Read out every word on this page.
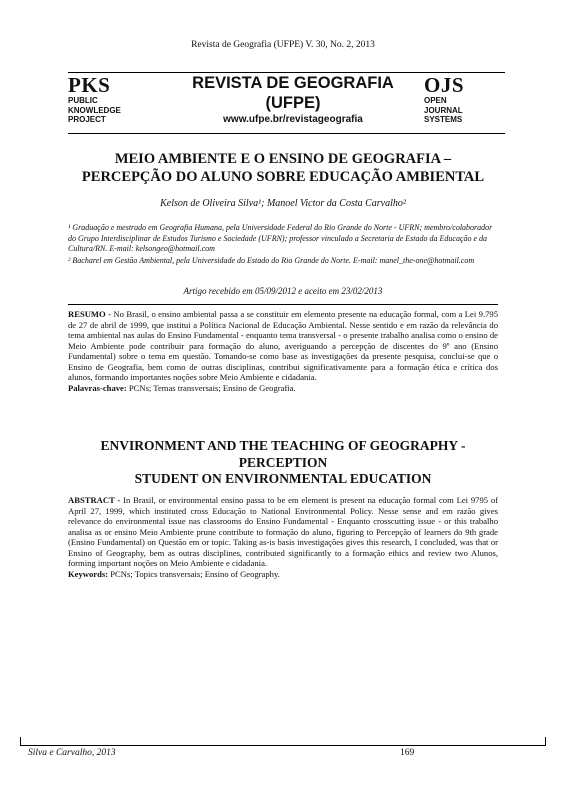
Revista de Geografia (UFPE) V. 30, No. 2, 2013
PKS
PUBLIC
KNOWLEDGE
PROJECT
REVISTA DE GEOGRAFIA
(UFPE)
www.ufpe.br/revistageografia
OJS
OPEN
JOURNAL
SYSTEMS
MEIO AMBIENTE E O ENSINO DE GEOGRAFIA –
PERCEPÇÃO DO ALUNO SOBRE EDUCAÇÃO AMBIENTAL
Kelson de Oliveira Silva¹; Manoel Victor da Costa Carvalho²
¹ Graduação e mestrado em Geografia Humana, pela Universidade Federal do Rio Grande do Norte - UFRN; membro/colaborador do Grupo Interdisciplinar de Estudos Turismo e Sociedade (UFRN); professor vinculado a Secretaria de Estado da Educação e da Cultura/RN. E-mail: kelsongeo@hotmail.com
² Bacharel em Gestão Ambiental, pela Universidade do Estado do Rio Grande do Norte. E-mail: manel_the-one@hotmail.com
Artigo recebido em 05/09/2012 e aceito em 23/02/2013
RESUMO - No Brasil, o ensino ambiental passa a se constituir em elemento presente na educação formal, com a Lei 9.795 de 27 de abril de 1999, que institui a Política Nacional de Educação Ambiental. Nesse sentido e em razão da relevância do tema ambiental nas aulas do Ensino Fundamental - enquanto tema transversal - o presente trabalho analisa como o ensino de Meio Ambiente pode contribuir para formação do aluno, averiguando a percepção de discentes do 9º ano (Ensino Fundamental) sobre o tema em questão. Tomando-se como base as investigações da presente pesquisa, conclui-se que o Ensino de Geografia, bem como de outras disciplinas, contribui significativamente para a formação ética e crítica dos alunos, formando importantes noções sobre Meio Ambiente e cidadania.
Palavras-chave: PCNs; Temas transversais; Ensino de Geografia.
ENVIRONMENT AND THE TEACHING OF GEOGRAPHY -
PERCEPTION
STUDENT ON ENVIRONMENTAL EDUCATION
ABSTRACT - In Brasil, or environmental ensino passa to be em element is present na educação formal com Lei 9795 of April 27, 1999, which instituted cross Educação to National Environmental Policy. Nesse sense and em razão gives relevance do environmental issue nas classrooms do Ensino Fundamental - Enquanto crosscutting issue - or this trabalho analisa as or ensino Meio Ambiente prune contribute to formação do aluno, figuring to Percepção of learners do 9th grade (Ensino Fundamental) on Questão em or topic. Taking as-is basis investigações gives this research, I concluded, was that or Ensino of Geography, bem as outras disciplines, contributed significantly to a formação ethics and review two Alunos, forming important noções on Meio Ambiente e cidadania.
Keywords: PCNs; Topics transversais; Ensino of Geography.
Silva e Carvalho, 2013	169
